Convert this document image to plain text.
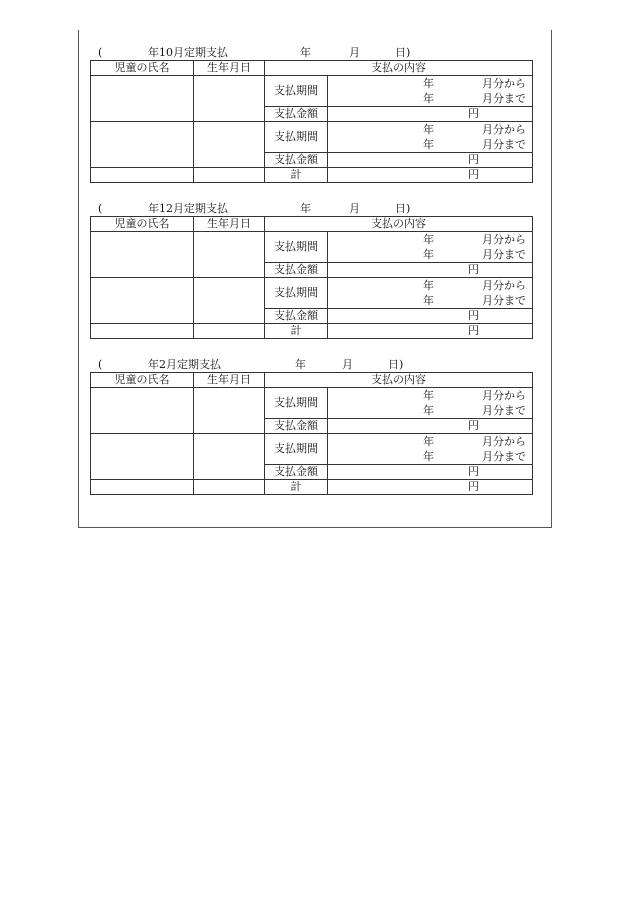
(	年10月定期支払	年	月	日)
児童の氏名	生年月日	支払の内容	
		支払期間	年 月分から
年 月分まで

		支払金額	円

		支払期間	年 月分から
年 月分まで

		支払金額	円

		計	円
(	年12月定期支払	年	月	日)
児童の氏名	生年月日	支払の内容	
		支払期間	年 月分から
年 月分まで

		支払金額	円

		支払期間	年 月分から
年 月分まで

		支払金額	円

		計	円
(	年2月定期支払	年	月	日)
児童の氏名	生年月日	支払の内容	
		支払期間	年 月分から
年 月分まで

		支払金額	円

		支払期間	年 月分から
年 月分まで

		支払金額	円

		計	円
